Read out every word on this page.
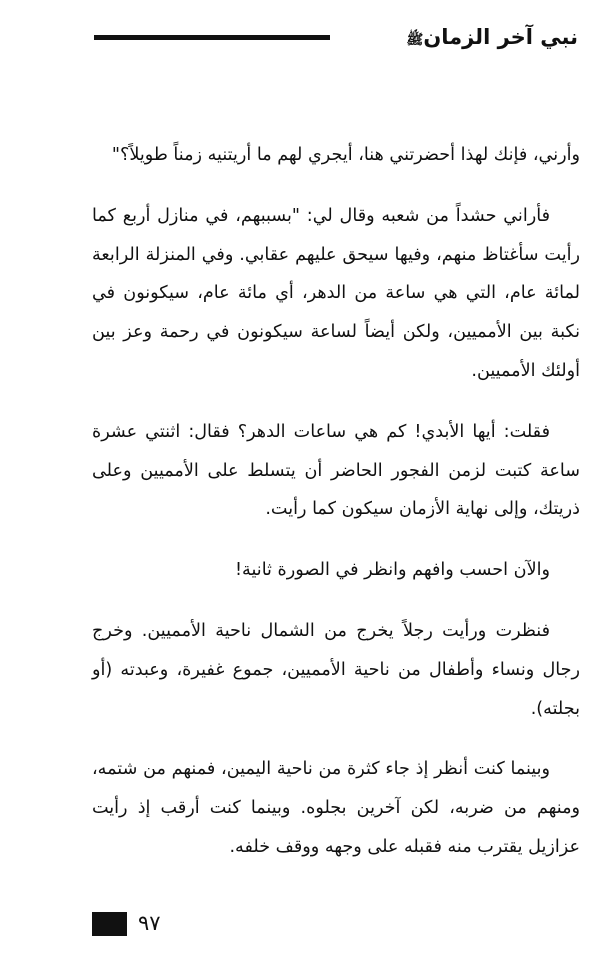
نبي آخر الزمانﷺ

وأرني، فإنك لهذا أحضرتني هنا، أيجري لهم ما أريتنيه زمناً طويلاً؟"

فأراني حشداً من شعبه وقال لي: "بسببهم، في منازل أربع كما رأيت سأغتاظ منهم، وفيها سيحق عليهم عقابي. وفي المنزلة الرابعة لمائة عام، التي هي ساعة من الدهر، أي مائة عام، سيكونون في نكبة بين الأمميين، ولكن أيضاً لساعة سيكونون في رحمة وعز بين أولئك الأمميين.

فقلت: أيها الأبدي! كم هي ساعات الدهر؟ فقال: اثنتي عشرة ساعة كتبت لزمن الفجور الحاضر أن يتسلط على الأمميين وعلى ذريتك، وإلى نهاية الأزمان سيكون كما رأيت.

والآن احسب وافهم وانظر في الصورة ثانية!

فنظرت ورأيت رجلاً يخرج من الشمال ناحية الأمميين. وخرج رجال ونساء وأطفال من ناحية الأمميين، جموع غفيرة، وعبدته (أو بجلته).

وبينما كنت أنظر إذ جاء كثرة من ناحية اليمين، فمنهم من شتمه، ومنهم من ضربه، لكن آخرين بجلوه. وبينما كنت أرقب إذ رأيت عزازيل يقترب منه فقبله على وجهه ووقف خلفه.

٩٧
